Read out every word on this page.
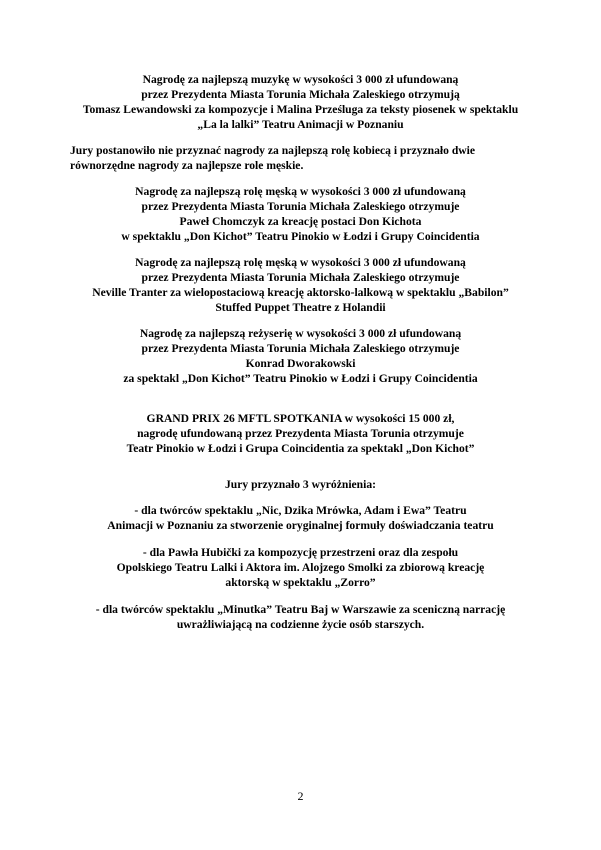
Nagrodę za najlepszą muzykę w wysokości 3 000 zł ufundowaną
przez Prezydenta Miasta Torunia Michała Zaleskiego otrzymują
Tomasz Lewandowski za kompozycje i Malina Prześluga za teksty piosenek w spektaklu
„La la lalki” Teatru Animacji w Poznaniu
Jury postanowiło nie przyznać nagrody za najlepszą rolę kobiecą i przyznało dwie
równorzędne nagrody za najlepsze role męskie.
Nagrodę za najlepszą rolę męską w wysokości 3 000 zł ufundowaną
przez Prezydenta Miasta Torunia Michała Zaleskiego otrzymuje
Paweł Chomczyk za kreację postaci Don Kichota
w spektaklu „Don Kichot” Teatru Pinokio w Łodzi i Grupy Coincidentia
Nagrodę za najlepszą rolę męską w wysokości 3 000 zł ufundowaną
przez Prezydenta Miasta Torunia Michała Zaleskiego otrzymuje
Neville Tranter za wielopostaciową kreację aktorsko-lalkową w spektaklu „Babilon”
Stuffed Puppet Theatre z Holandii
Nagrodę za najlepszą reżyserię w wysokości 3 000 zł ufundowaną
przez Prezydenta Miasta Torunia Michała Zaleskiego otrzymuje
Konrad Dworakowski
za spektakl „Don Kichot” Teatru Pinokio w Łodzi i Grupy Coincidentia
GRAND PRIX 26 MFTL SPOTKANIA w wysokości 15 000 zł,
nagrodę ufundowaną przez Prezydenta Miasta Torunia otrzymuje
Teatr Pinokio w Łodzi i Grupa Coincidentia za spektakl „Don Kichot”
Jury przyznało 3 wyróżnienia:
- dla twórców spektaklu „Nic, Dzika Mrówka, Adam i Ewa” Teatru
Animacji w Poznaniu za stworzenie oryginalnej formuły doświadczania teatru
- dla Pawła Hubički za kompozycję przestrzeni oraz dla zespołu
Opolskiego Teatru Lalki i Aktora im. Alojzego Smolki za zbiorową kreację
aktorską w spektaklu „Zorro”
- dla twórców spektaklu „Minutka” Teatru Baj w Warszawie za sceniczną narrację
uwrażliwiającą na codzienne życie osób starszych.
2
